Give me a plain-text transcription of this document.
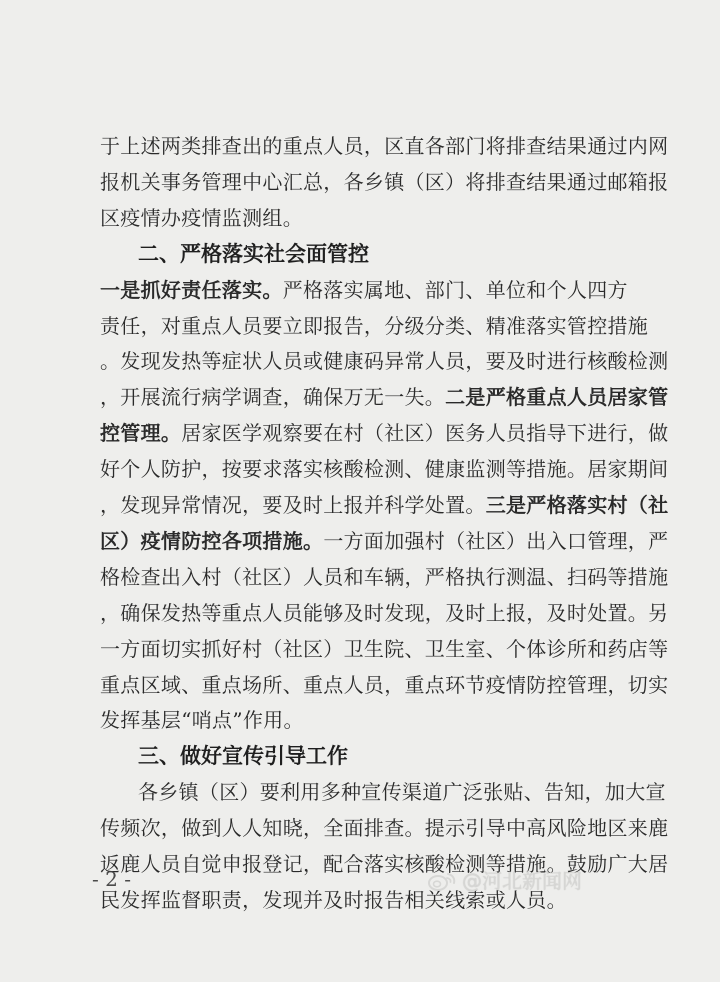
于上述两类排查出的重点人员，区直各部门将排查结果通过内网
报机关事务管理中心汇总，各乡镇（区）将排查结果通过邮箱报
区疫情办疫情监测组。
二、严格落实社会面管控
一是抓好责任落实。严格落实属地、部门、单位和个人四方
责任，对重点人员要立即报告，分级分类、精准落实管控措施
。发现发热等症状人员或健康码异常人员，要及时进行核酸检测
，开展流行病学调查，确保万无一失。二是严格重点人员居家管
控管理。居家医学观察要在村（社区）医务人员指导下进行，做
好个人防护，按要求落实核酸检测、健康监测等措施。居家期间
，发现异常情况，要及时上报并科学处置。三是严格落实村（社
区）疫情防控各项措施。一方面加强村（社区）出入口管理，严
格检查出入村（社区）人员和车辆，严格执行测温、扫码等措施
，确保发热等重点人员能够及时发现，及时上报，及时处置。另
一方面切实抓好村（社区）卫生院、卫生室、个体诊所和药店等
重点区域、重点场所、重点人员，重点环节疫情防控管理，切实
发挥基层“哨点”作用。
三、做好宣传引导工作
各乡镇（区）要利用多种宣传渠道广泛张贴、告知，加大宣
传频次，做到人人知晓，全面排查。提示引导中高风险地区来鹿
返鹿人员自觉申报登记，配合落实核酸检测等措施。鼓励广大居
民发挥监督职责，发现并及时报告相关线索或人员。
- 2 -	@河北新闻网
